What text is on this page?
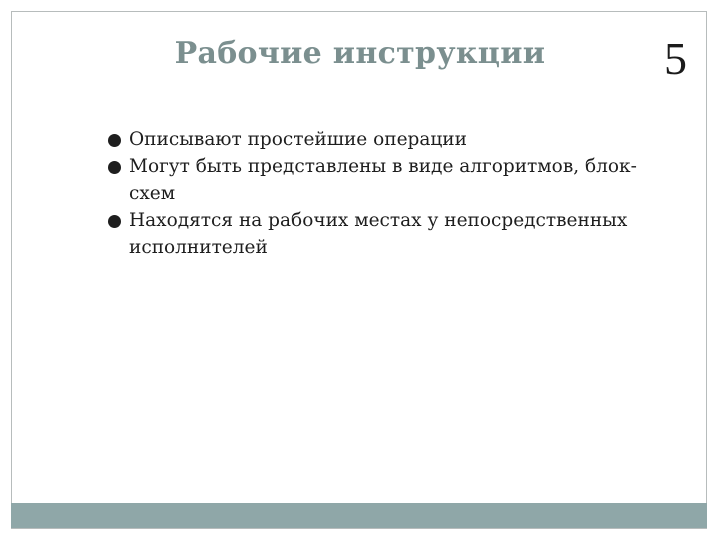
Рабочие инструкции	5
Описывают простейшие операции
Могут быть представлены в виде алгоритмов, блок-схем
Находятся на рабочих местах у непосредственных исполнителей
